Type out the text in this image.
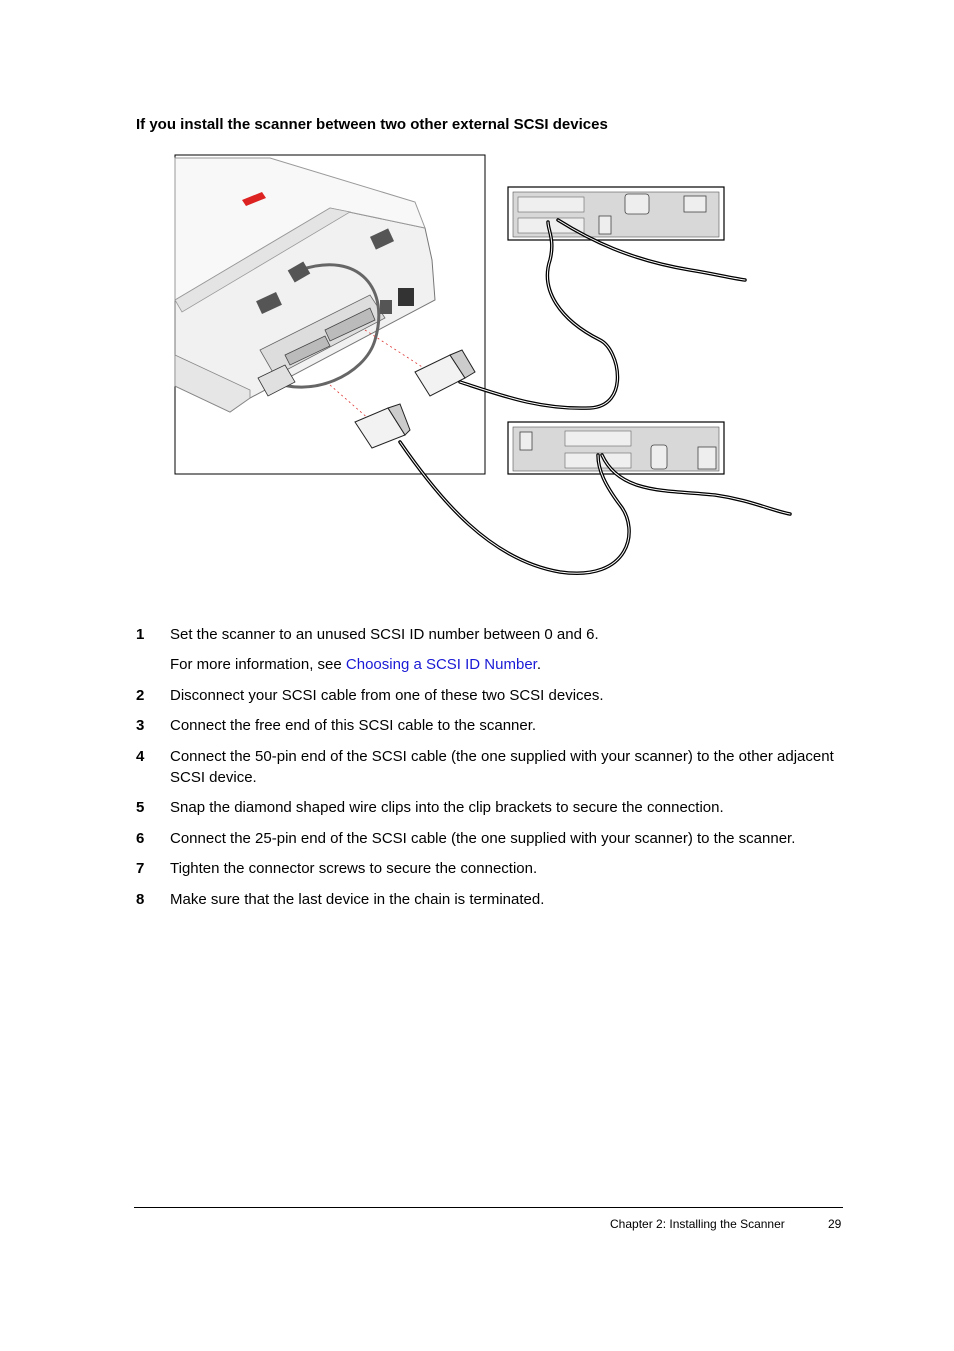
If you install the scanner between two other external SCSI devices
1 Set the scanner to an unused SCSI ID number between 0 and 6.
For more information, see Choosing a SCSI ID Number.
2 Disconnect your SCSI cable from one of these two SCSI devices.
3 Connect the free end of this SCSI cable to the scanner.
4 Connect the 50-pin end of the SCSI cable (the one supplied with your scanner) to the other adjacent SCSI device.
5 Snap the diamond shaped wire clips into the clip brackets to secure the connection.
6 Connect the 25-pin end of the SCSI cable (the one supplied with your scanner) to the scanner.
7 Tighten the connector screws to secure the connection.
8 Make sure that the last device in the chain is terminated.
Chapter 2: Installing the Scanner	29
